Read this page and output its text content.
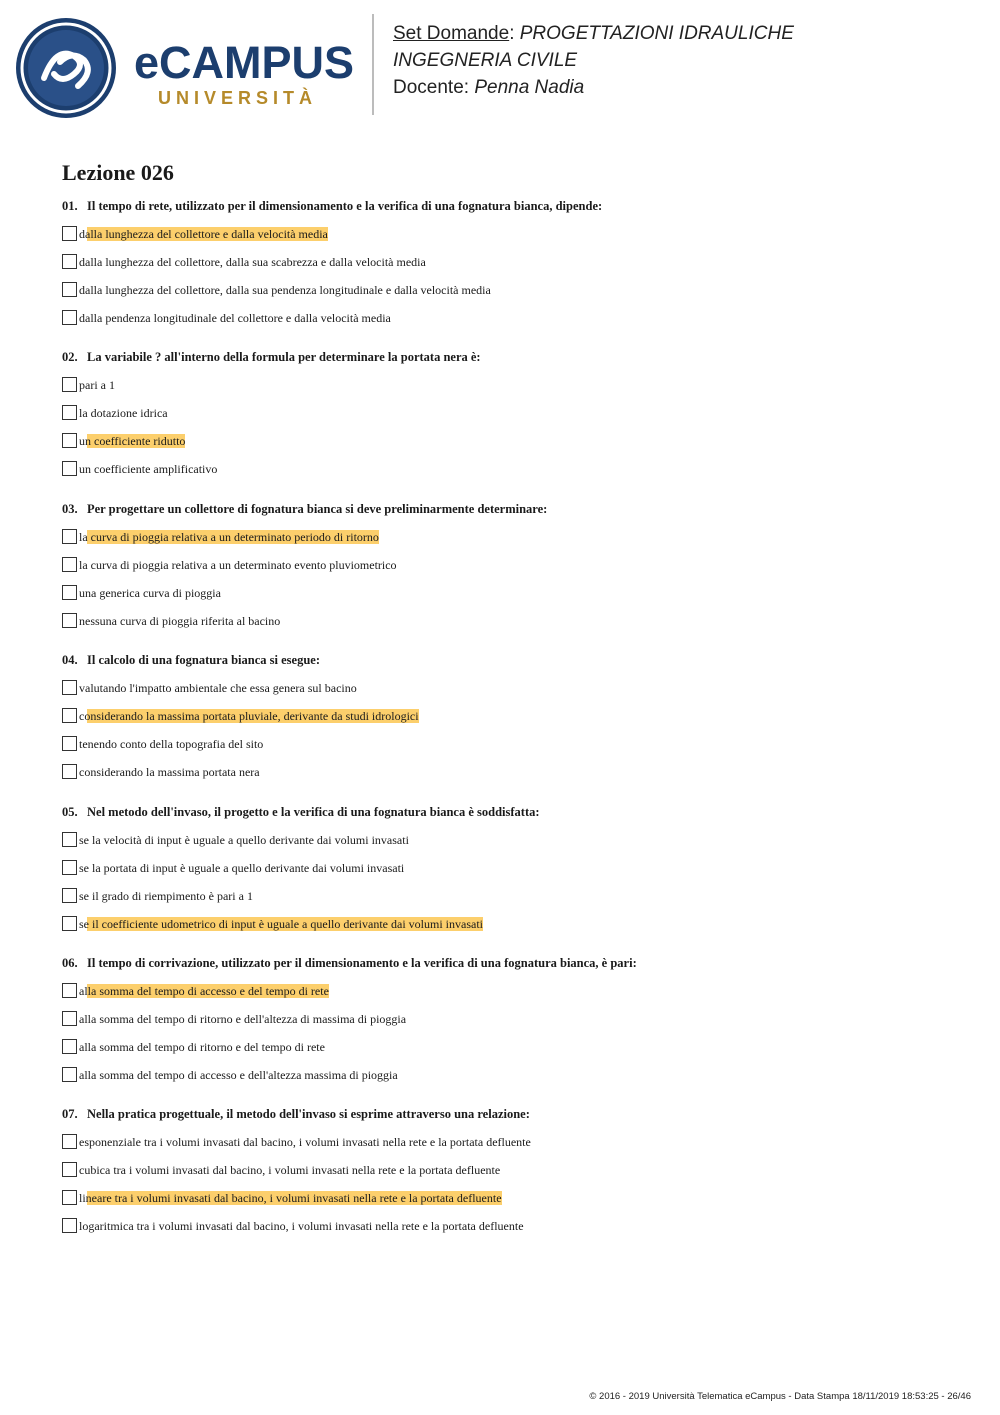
eCAMPUS
UNIVERSITÀ
Set Domande: PROGETTAZIONI IDRAULICHE
INGEGNERIA CIVILE
Docente: Penna Nadia
Lezione 026
01. Il tempo di rete, utilizzato per il dimensionamento e la verifica di una fognatura bianca, dipende:
dalla lunghezza del collettore e dalla velocità media
dalla lunghezza del collettore, dalla sua scabrezza e dalla velocità media
dalla lunghezza del collettore, dalla sua pendenza longitudinale e dalla velocità media
dalla pendenza longitudinale del collettore e dalla velocità media
02. La variabile ? all'interno della formula per determinare la portata nera è:
pari a 1
la dotazione idrica
un coefficiente ridutto
un coefficiente amplificativo
03. Per progettare un collettore di fognatura bianca si deve preliminarmente determinare:
la curva di pioggia relativa a un determinato periodo di ritorno
la curva di pioggia relativa a un determinato evento pluviometrico
una generica curva di pioggia
nessuna curva di pioggia riferita al bacino
04. Il calcolo di una fognatura bianca si esegue:
valutando l'impatto ambientale che essa genera sul bacino
considerando la massima portata pluviale, derivante da studi idrologici
tenendo conto della topografia del sito
considerando la massima portata nera
05. Nel metodo dell'invaso, il progetto e la verifica di una fognatura bianca è soddisfatta:
se la velocità di input è uguale a quello derivante dai volumi invasati
se la portata di input è uguale a quello derivante dai volumi invasati
se il grado di riempimento è pari a 1
se il coefficiente udometrico di input è uguale a quello derivante dai volumi invasati
06. Il tempo di corrivazione, utilizzato per il dimensionamento e la verifica di una fognatura bianca, è pari:
alla somma del tempo di accesso e del tempo di rete
alla somma del tempo di ritorno e dell'altezza di massima di pioggia
alla somma del tempo di ritorno e del tempo di rete
alla somma del tempo di accesso e dell'altezza massima di pioggia
07. Nella pratica progettuale, il metodo dell'invaso si esprime attraverso una relazione:
esponenziale tra i volumi invasati dal bacino, i volumi invasati nella rete e la portata defluente
cubica tra i volumi invasati dal bacino, i volumi invasati nella rete e la portata defluente
lineare tra i volumi invasati dal bacino, i volumi invasati nella rete e la portata defluente
logaritmica tra i volumi invasati dal bacino, i volumi invasati nella rete e la portata defluente
© 2016 - 2019 Università Telematica eCampus - Data Stampa 18/11/2019 18:53:25 - 26/46
